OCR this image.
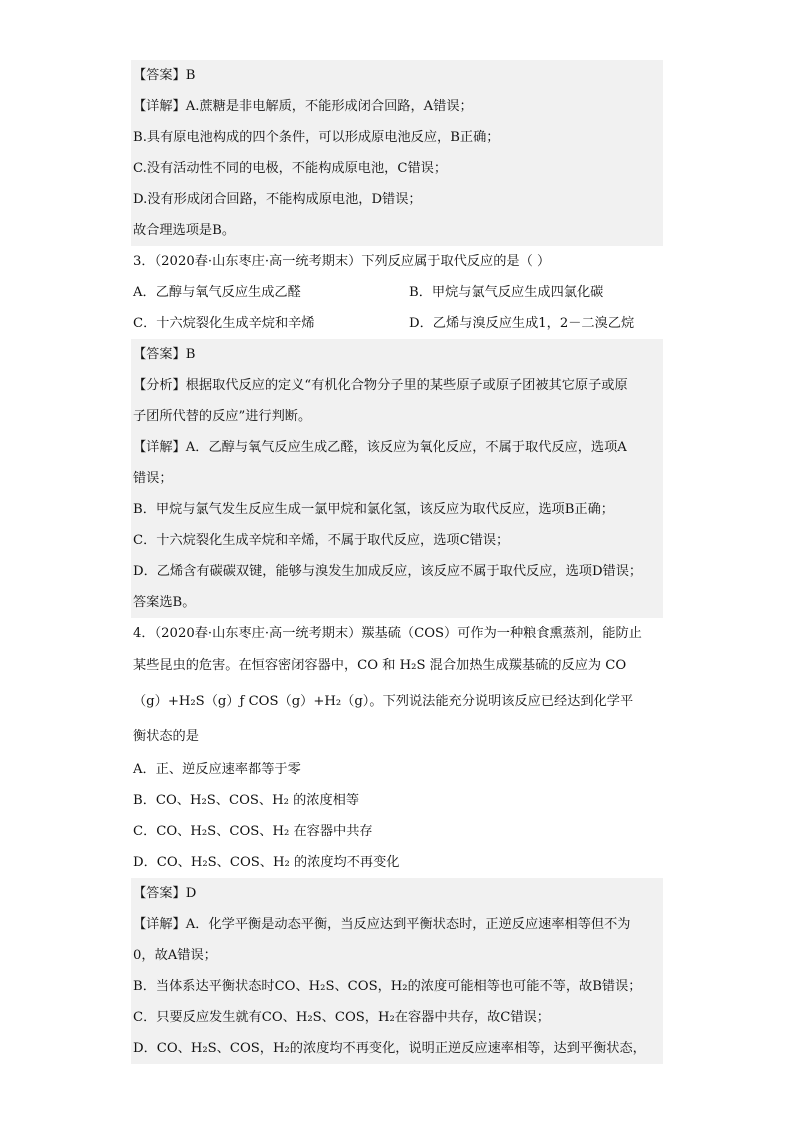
【答案】B
【详解】A.蔗糖是非电解质，不能形成闭合回路，A错误；
B.具有原电池构成的四个条件，可以形成原电池反应，B正确；
C.没有活动性不同的电极，不能构成原电池，C错误；
D.没有形成闭合回路，不能构成原电池，D错误；
故合理选项是B。
3．（2020春·山东枣庄·高一统考期末）下列反应属于取代反应的是（ ）
A．乙醇与氧气反应生成乙醛	B．甲烷与氯气反应生成四氯化碳
C．十六烷裂化生成辛烷和辛烯	D．乙烯与溴反应生成1，2－二溴乙烷
【答案】B
【分析】根据取代反应的定义“有机化合物分子里的某些原子或原子团被其它原子或原
子团所代替的反应”进行判断。
【详解】A．乙醇与氧气反应生成乙醛，该反应为氧化反应，不属于取代反应，选项A
错误；
B．甲烷与氯气发生反应生成一氯甲烷和氯化氢，该反应为取代反应，选项B正确；
C．十六烷裂化生成辛烷和辛烯，不属于取代反应，选项C错误；
D．乙烯含有碳碳双键，能够与溴发生加成反应，该反应不属于取代反应，选项D错误；
答案选B。
4．（2020春·山东枣庄·高一统考期末）羰基硫（COS）可作为一种粮食熏蒸剂，能防止
某些昆虫的危害。在恒容密闭容器中，CO 和 H₂S 混合加热生成羰基硫的反应为 CO
（g）+H₂S（g）ƒ COS（g）+H₂（g）。下列说法能充分说明该反应已经达到化学平
衡状态的是
A．正、逆反应速率都等于零
B．CO、H₂S、COS、H₂ 的浓度相等
C．CO、H₂S、COS、H₂ 在容器中共存
D．CO、H₂S、COS、H₂ 的浓度均不再变化
【答案】D
【详解】A．化学平衡是动态平衡，当反应达到平衡状态时，正逆反应速率相等但不为
0，故A错误；
B．当体系达平衡状态时CO、H₂S、COS，H₂的浓度可能相等也可能不等，故B错误；
C．只要反应发生就有CO、H₂S、COS，H₂在容器中共存，故C错误；
D．CO、H₂S、COS，H₂的浓度均不再变化，说明正逆反应速率相等，达到平衡状态，
